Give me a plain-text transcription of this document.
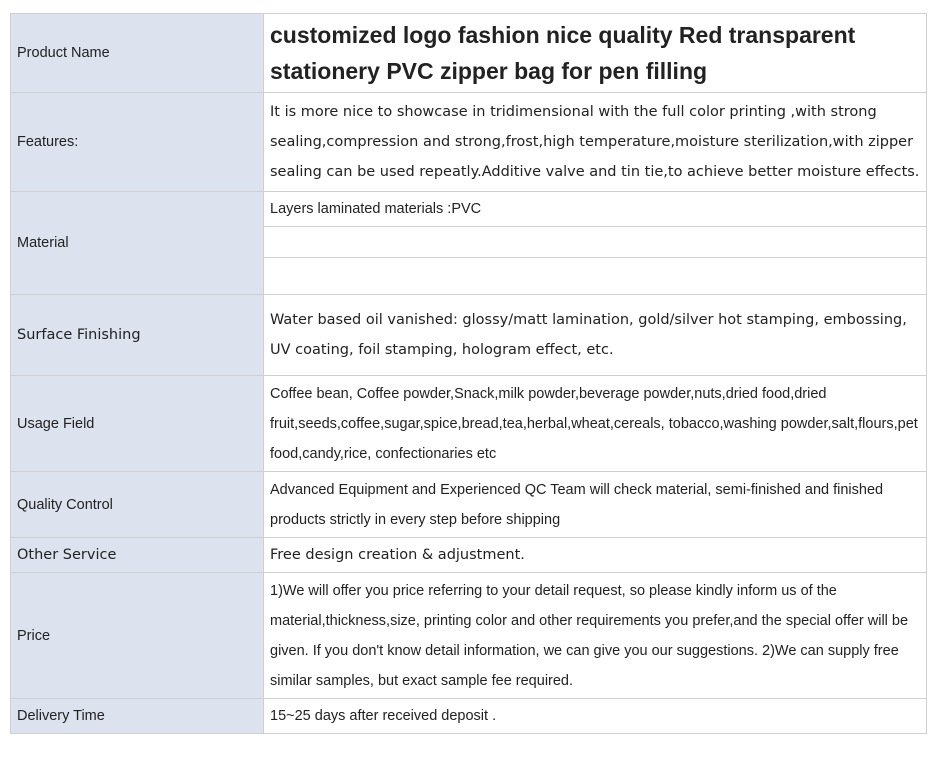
Product Name	customized logo fashion nice quality Red transparent stationery PVC zipper bag for pen filling
Features:	It is more nice to showcase in tridimensional with the full color printing ,with strong sealing,compression and strong,frost,high temperature,moisture sterilization,with zipper sealing can be used repeatly.Additive valve and tin tie,to achieve better moisture effects.
Material	Layers laminated materials :PVC

Surface Finishing	Water based oil vanished: glossy/matt lamination, gold/silver hot stamping, embossing, UV coating, foil stamping, hologram effect, etc.
Usage Field	Coffee bean, Coffee powder,Snack,milk powder,beverage powder,nuts,dried food,dried fruit,seeds,coffee,sugar,spice,bread,tea,herbal,wheat,cereals, tobacco,washing powder,salt,flours,pet food,candy,rice, confectionaries etc
Quality Control	Advanced Equipment and Experienced QC Team will check material, semi-finished and finished products strictly in every step before shipping
Other Service	Free design creation & adjustment.
Price	1)We will offer you price referring to your detail request, so please kindly inform us of the material,thickness,size, printing color and other requirements you prefer,and the special offer will be given. If you don't know detail information, we can give you our suggestions. 2)We can supply free similar samples, but exact sample fee required.
Delivery Time	15~25 days after received deposit .
